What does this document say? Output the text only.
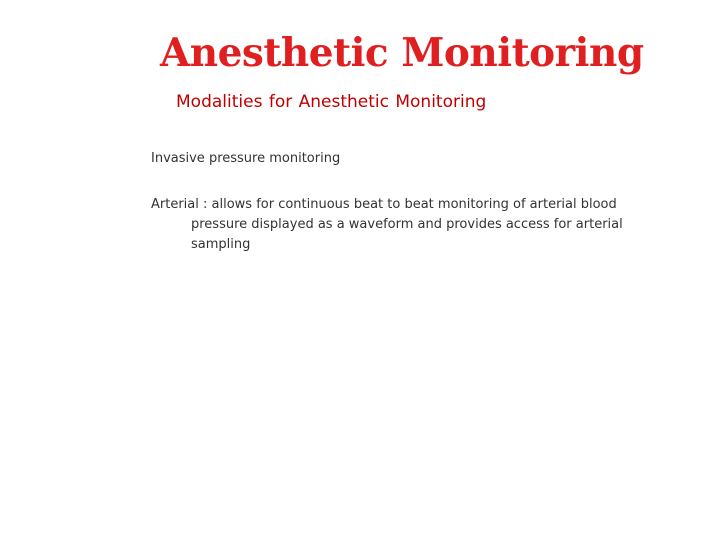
Anesthetic Monitoring
Modalities for Anesthetic Monitoring
Invasive pressure monitoring
Arterial : allows for continuous beat to beat monitoring of arterial blood pressure displayed as a waveform and provides access for arterial sampling
